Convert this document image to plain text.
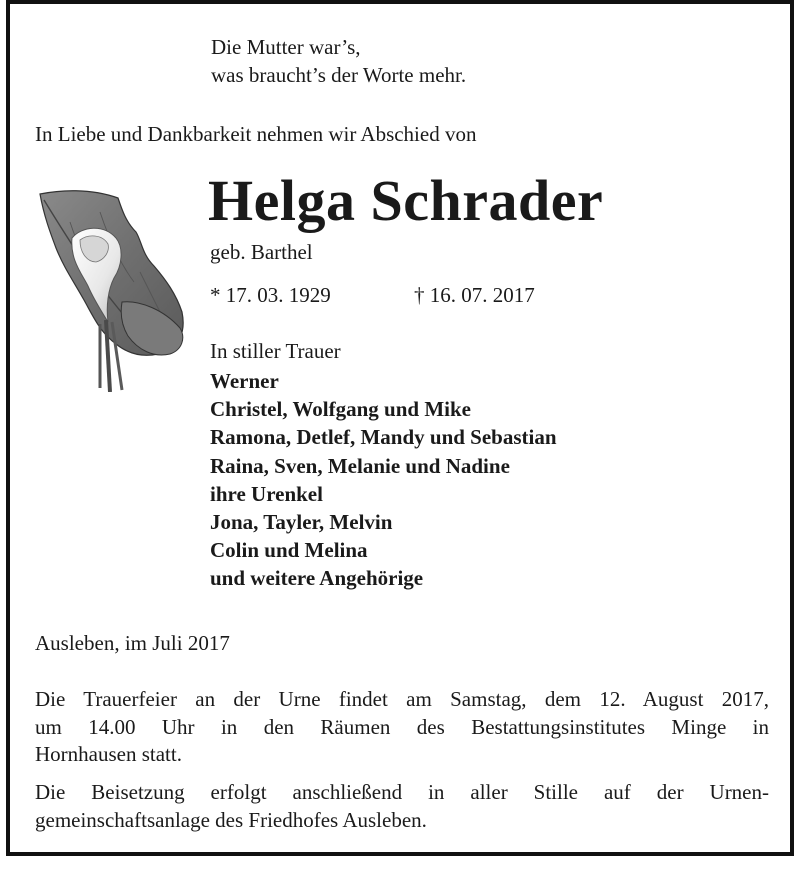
Die Mutter war’s,
was braucht’s der Worte mehr.
In Liebe und Dankbarkeit nehmen wir Abschied von
Helga Schrader
geb. Barthel
* 17. 03. 1929	† 16. 07. 2017
In stiller Trauer
Werner
Christel, Wolfgang und Mike
Ramona, Detlef, Mandy und Sebastian
Raina, Sven, Melanie und Nadine
ihre Urenkel
Jona, Tayler, Melvin
Colin und Melina
und weitere Angehörige
Ausleben, im Juli 2017
Die Trauerfeier an der Urne findet am Samstag, dem 12. August 2017,
um 14.00 Uhr in den Räumen des Bestattungsinstitutes Minge in
Hornhausen statt.
Die Beisetzung erfolgt anschließend in aller Stille auf der Urnen-
gemeinschaftsanlage des Friedhofes Ausleben.
